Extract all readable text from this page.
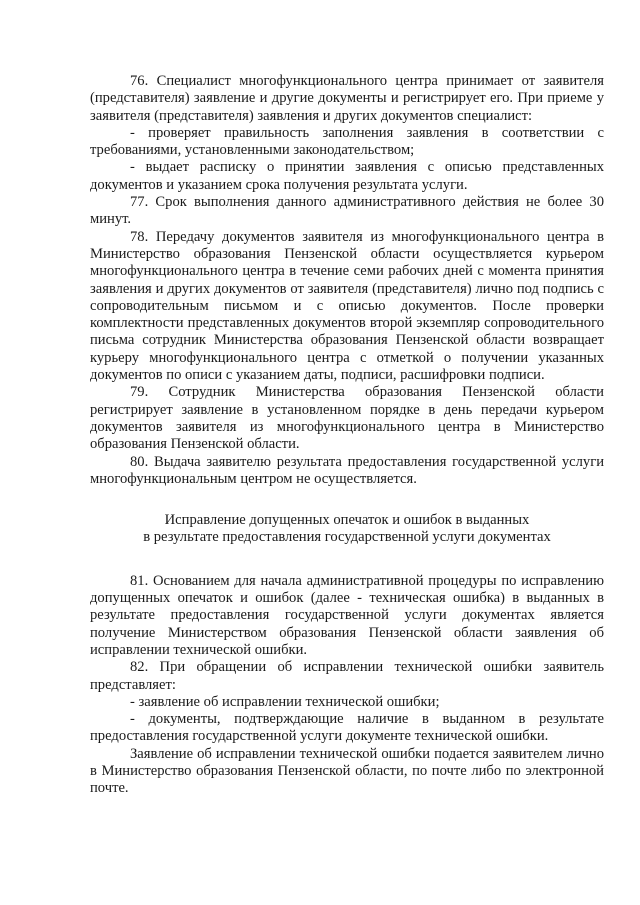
76. Специалист многофункционального центра принимает от заявителя (представителя) заявление и другие документы и регистрирует его. При приеме у заявителя (представителя) заявления и других документов специалист:

- проверяет правильность заполнения заявления в соответствии с требованиями, установленными законодательством;

- выдает расписку о принятии заявления с описью представленных документов и указанием срока получения результата услуги.

77. Срок выполнения данного административного действия не более 30 минут.

78. Передачу документов заявителя из многофункционального центра в Министерство образования Пензенской области осуществляется курьером многофункционального центра в течение семи рабочих дней с момента принятия заявления и других документов от заявителя (представителя) лично под подпись с сопроводительным письмом и с описью документов. После проверки комплектности представленных документов второй экземпляр сопроводительного письма сотрудник Министерства образования Пензенской области возвращает курьеру многофункционального центра с отметкой о получении указанных документов по описи с указанием даты, подписи, расшифровки подписи.

79. Сотрудник Министерства образования Пензенской области регистрирует заявление в установленном порядке в день передачи курьером документов заявителя из многофункционального центра в Министерство образования Пензенской области.

80. Выдача заявителю результата предоставления государственной услуги многофункциональным центром не осуществляется.

Исправление допущенных опечаток и ошибок в выданных
в результате предоставления государственной услуги документах

81. Основанием для начала административной процедуры по исправлению допущенных опечаток и ошибок (далее - техническая ошибка) в выданных в результате предоставления государственной услуги документах является получение Министерством образования Пензенской области заявления об исправлении технической ошибки.

82. При обращении об исправлении технической ошибки заявитель представляет:

- заявление об исправлении технической ошибки;

- документы, подтверждающие наличие в выданном в результате предоставления государственной услуги документе технической ошибки.

Заявление об исправлении технической ошибки подается заявителем лично в Министерство образования Пензенской области, по почте либо по электронной почте.
